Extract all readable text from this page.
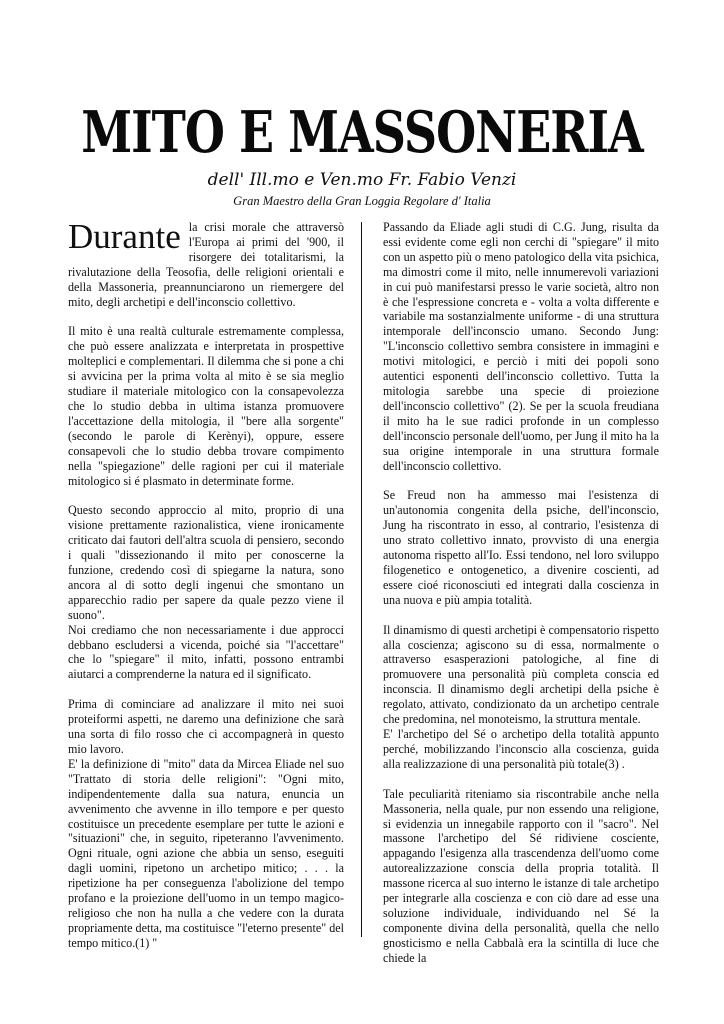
MITO E MASSONERIA

dell' Ill.mo e Ven.mo Fr. Fabio Venzi

Gran Maestro della Gran Loggia Regolare d' Italia

Durante la crisi morale che attraversò l'Europa ai primi del '900, il risorgere dei totalitarismi, la rivalutazione della Teosofia, delle religioni orientali e della Massoneria, preannunciarono un riemergere del mito, degli archetipi e dell'inconscio collettivo.

Il mito è una realtà culturale estremamente complessa, che può essere analizzata e interpretata in prospettive molteplici e complementari. Il dilemma che si pone a chi si avvicina per la prima volta al mito è se sia meglio studiare il materiale mitologico con la consapevolezza che lo studio debba in ultima istanza promuovere l'accettazione della mitologia, il "bere alla sorgente" (secondo le parole di Kerènyi), oppure, essere consapevoli che lo studio debba trovare compimento nella "spiegazione" delle ragioni per cui il materiale mitologico si é plasmato in determinate forme.

Questo secondo approccio al mito, proprio di una visione prettamente razionalistica, viene ironicamente criticato dai fautori dell'altra scuola di pensiero, secondo i quali "dissezionando il mito per conoscerne la funzione, credendo così di spiegarne la natura, sono ancora al di sotto degli ingenui che smontano un apparecchio radio per sapere da quale pezzo viene il suono".

Noi crediamo che non necessariamente i due approcci debbano escludersi a vicenda, poiché sia "l'accettare" che lo "spiegare" il mito, infatti, possono entrambi aiutarci a comprenderne la natura ed il significato.

Prima di cominciare ad analizzare il mito nei suoi proteiformi aspetti, ne daremo una definizione che sarà una sorta di filo rosso che ci accompagnerà in questo mio lavoro.

E' la definizione di "mito" data da Mircea Eliade nel suo "Trattato di storia delle religioni": "Ogni mito, indipendentemente dalla sua natura, enuncia un avvenimento che avvenne in illo tempore e per questo costituisce un precedente esemplare per tutte le azioni e "situazioni" che, in seguito, ripeteranno l'avvenimento. Ogni rituale, ogni azione che abbia un senso, eseguiti dagli uomini, ripetono un archetipo mitico; . . . la ripetizione ha per conseguenza l'abolizione del tempo profano e la proiezione dell'uomo in un tempo magico-religioso che non ha nulla a che vedere con la durata propriamente detta, ma costituisce "l'eterno presente" del tempo mitico.(1) "

Passando da Eliade agli studi di C.G. Jung, risulta da essi evidente come egli non cerchi di "spiegare" il mito con un aspetto più o meno patologico della vita psichica, ma dimostri come il mito, nelle innumerevoli variazioni in cui può manifestarsi presso le varie società, altro non è che l'espressione concreta e - volta a volta differente e variabile ma sostanzialmente uniforme - di una struttura intemporale dell'inconscio umano. Secondo Jung: "L'inconscio collettivo sembra consistere in immagini e motivi mitologici, e perciò i miti dei popoli sono autentici esponenti dell'inconscio collettivo. Tutta la mitologia sarebbe una specie di proiezione dell'inconscio collettivo" (2). Se per la scuola freudiana il mito ha le sue radici profonde in un complesso dell'inconscio personale dell'uomo, per Jung il mito ha la sua origine intemporale in una struttura formale dell'inconscio collettivo.

Se Freud non ha ammesso mai l'esistenza di un'autonomia congenita della psiche, dell'inconscio, Jung ha riscontrato in esso, al contrario, l'esistenza di uno strato collettivo innato, provvisto di una energia autonoma rispetto all'Io. Essi tendono, nel loro sviluppo filogenetico e ontogenetico, a divenire coscienti, ad essere cioé riconosciuti ed integrati dalla coscienza in una nuova e più ampia totalità.

Il dinamismo di questi archetipi è compensatorio rispetto alla coscienza; agiscono su di essa, normalmente o attraverso esasperazioni patologiche, al fine di promuovere una personalità più completa conscia ed inconscia. Il dinamismo degli archetipi della psiche è regolato, attivato, condizionato da un archetipo centrale che predomina, nel monoteismo, la struttura mentale.

E' l'archetipo del Sé o archetipo della totalità appunto perché, mobilizzando l'inconscio alla coscienza, guida alla realizzazione di una personalità più totale(3) .

Tale peculiarità riteniamo sia riscontrabile anche nella Massoneria, nella quale, pur non essendo una religione, si evidenzia un innegabile rapporto con il "sacro". Nel massone l'archetipo del Sé ridiviene cosciente, appagando l'esigenza alla trascendenza dell'uomo come autorealizzazione conscia della propria totalità. Il massone ricerca al suo interno le istanze di tale archetipo per integrarle alla coscienza e con ciò dare ad esse una soluzione individuale, individuando nel Sé la componente divina della personalità, quella che nello gnosticismo e nella Cabbalà era la scintilla di luce che chiede la
